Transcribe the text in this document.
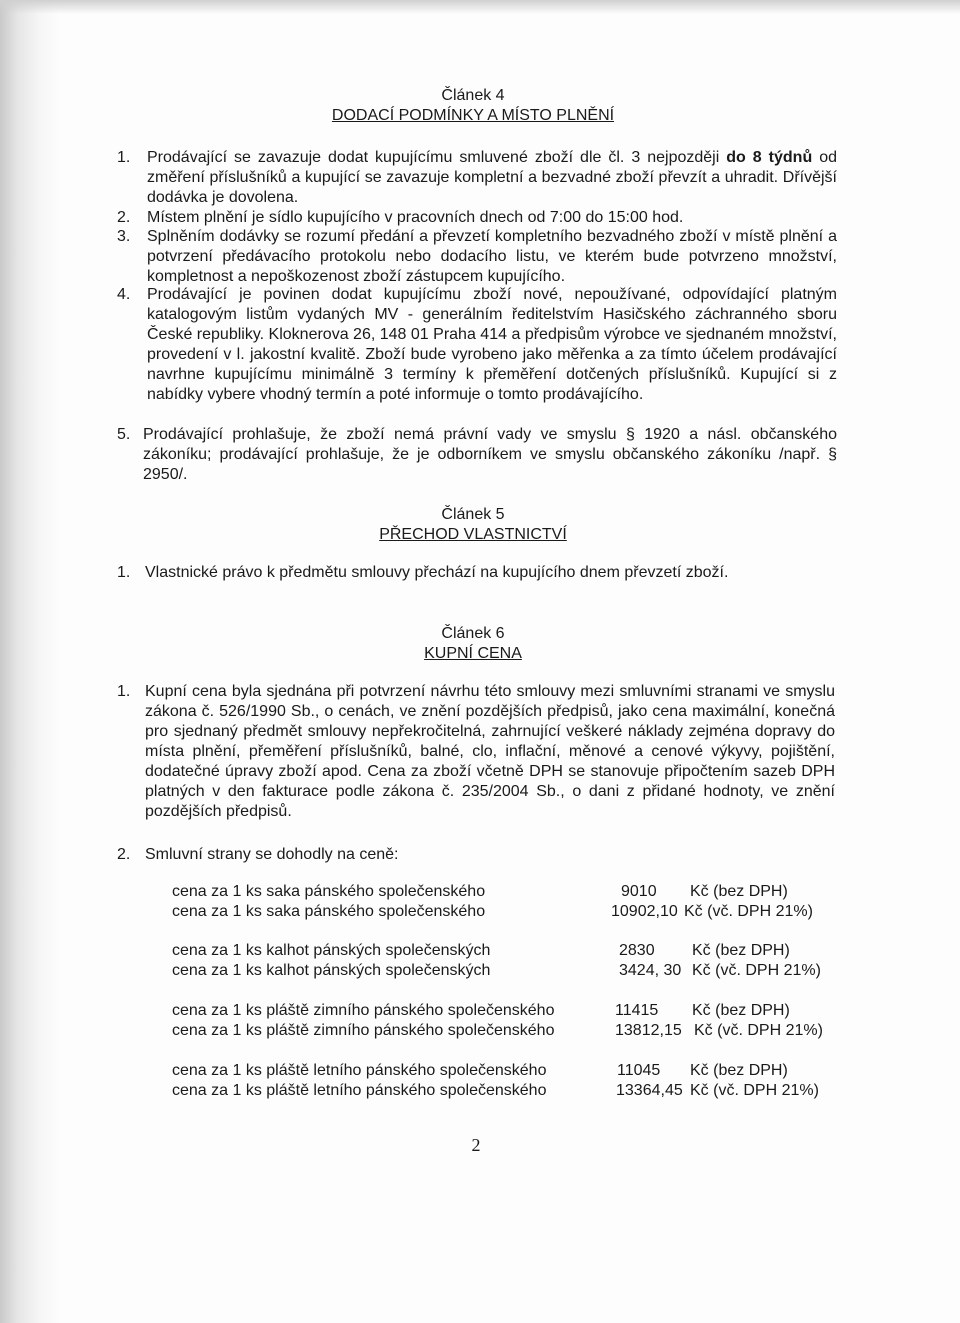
Článek 4
DODACÍ PODMÍNKY A MÍSTO PLNĚNÍ
1. Prodávající se zavazuje dodat kupujícímu smluvené zboží dle čl. 3 nejpozději do 8 týdnů od změření příslušníků a kupující se zavazuje kompletní a bezvadné zboží převzít a uhradit. Dřívější dodávka je dovolena.
2. Místem plnění je sídlo kupujícího v pracovních dnech od 7:00 do 15:00 hod.
3. Splněním dodávky se rozumí předání a převzetí kompletního bezvadného zboží v místě plnění a potvrzení předávacího protokolu nebo dodacího listu, ve kterém bude potvrzeno množství, kompletnost a nepoškozenost zboží zástupcem kupujícího.
4. Prodávající je povinen dodat kupujícímu zboží nové, nepoužívané, odpovídající platným katalogovým listům vydaných MV - generálním ředitelstvím Hasičského záchranného sboru České republiky. Kloknerova 26, 148 01 Praha 414 a předpisům výrobce ve sjednaném množství, provedení v l. jakostní kvalitě. Zboží bude vyrobeno jako měřenka a za tímto účelem prodávající navrhne kupujícímu minimálně 3 termíny k přeměření dotčených příslušníků. Kupující si z nabídky vybere vhodný termín a poté informuje o tomto prodávajícího.
5. Prodávající prohlašuje, že zboží nemá právní vady ve smyslu § 1920 a násl. občanského zákoníku; prodávající prohlašuje, že je odborníkem ve smyslu občanského zákoníku /např. § 2950/.
Článek 5
PŘECHOD VLASTNICTVÍ
1. Vlastnické právo k předmětu smlouvy přechází na kupujícího dnem převzetí zboží.
Článek 6
KUPNÍ CENA
1. Kupní cena byla sjednána při potvrzení návrhu této smlouvy mezi smluvními stranami ve smyslu zákona č. 526/1990 Sb., o cenách, ve znění pozdějších předpisů, jako cena maximální, konečná pro sjednaný předmět smlouvy nepřekročitelná, zahrnující veškeré náklady zejména dopravy do místa plnění, přeměření příslušníků, balné, clo, inflační, měnové a cenové výkyvy, pojištění, dodatečné úpravy zboží apod. Cena za zboží včetně DPH se stanovuje připočtením sazeb DPH platných v den fakturace podle zákona č. 235/2004 Sb., o dani z přidané hodnoty, ve znění pozdějších předpisů.
2. Smluvní strany se dohodly na ceně:
cena za 1 ks saka pánského společenského	9010 Kč (bez DPH)
cena za 1 ks saka pánského společenského	10902,10 Kč (vč. DPH 21%)
cena za 1 ks kalhot pánských společenských	2830 Kč (bez DPH)
cena za 1 ks kalhot pánských společenských	3424, 30 Kč (vč. DPH 21%)
cena za 1 ks pláště zimního pánského společenského	11415 Kč (bez DPH)
cena za 1 ks pláště zimního pánského společenského	13812,15 Kč (vč. DPH 21%)
cena za 1 ks pláště letního pánského společenského	11045 Kč (bez DPH)
cena za 1 ks pláště letního pánského společenského	13364,45 Kč (vč. DPH 21%)
2
